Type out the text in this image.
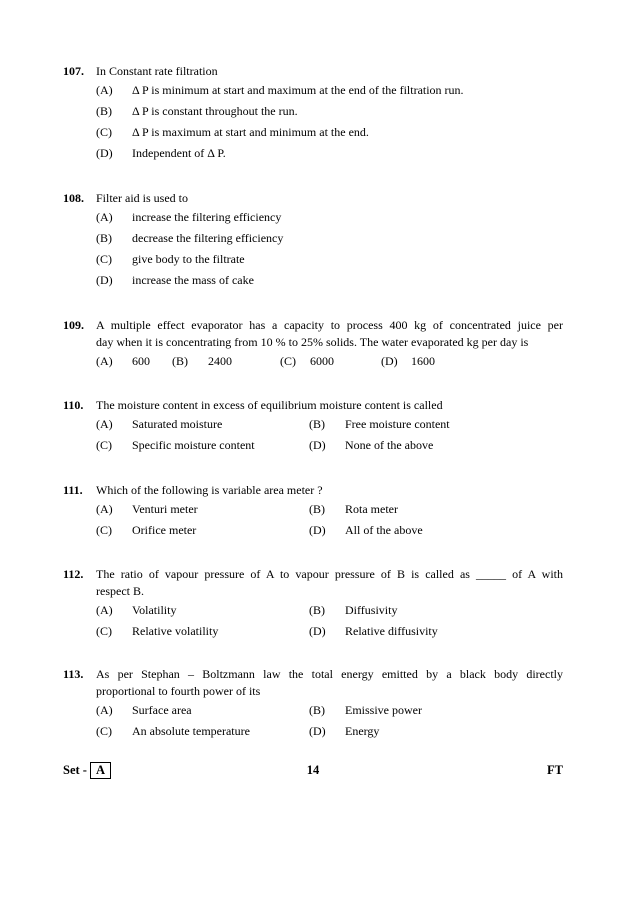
107.	In Constant rate filtration
(A)	Δ P is minimum at start and maximum at the end of the filtration run.
(B)	Δ P is constant throughout the run.
(C)	Δ P is maximum at start and minimum at the end.
(D)	Independent of Δ P.
108.	Filter aid is used to
(A)	increase the filtering efficiency
(B)	decrease the filtering efficiency
(C)	give body to the filtrate
(D)	increase the mass of cake
109.	A multiple effect evaporator has a capacity to process 400 kg of concentrated juice per
day when it is concentrating from 10 % to 25% solids. The water evaporated kg per day is
(A)	600	(B)	2400	(C)	6000	(D)	1600
110.	The moisture content in excess of equilibrium moisture content is called
(A)	Saturated moisture	(B)	Free moisture content
(C)	Specific moisture content	(D)	None of the above
111.	Which of the following is variable area meter ?
(A)	Venturi meter	(B)	Rota meter
(C)	Orifice meter	(D)	All of the above
112.	The ratio of vapour pressure of A to vapour pressure of B is called as _____ of A with
respect B.
(A)	Volatility	(B)	Diffusivity
(C)	Relative volatility	(D)	Relative diffusivity
113.	As per Stephan – Boltzmann law the total energy emitted by a black body directly
proportional to fourth power of its
(A)	Surface area	(B)	Emissive power
(C)	An absolute temperature	(D)	Energy
Set - A	14	FT
